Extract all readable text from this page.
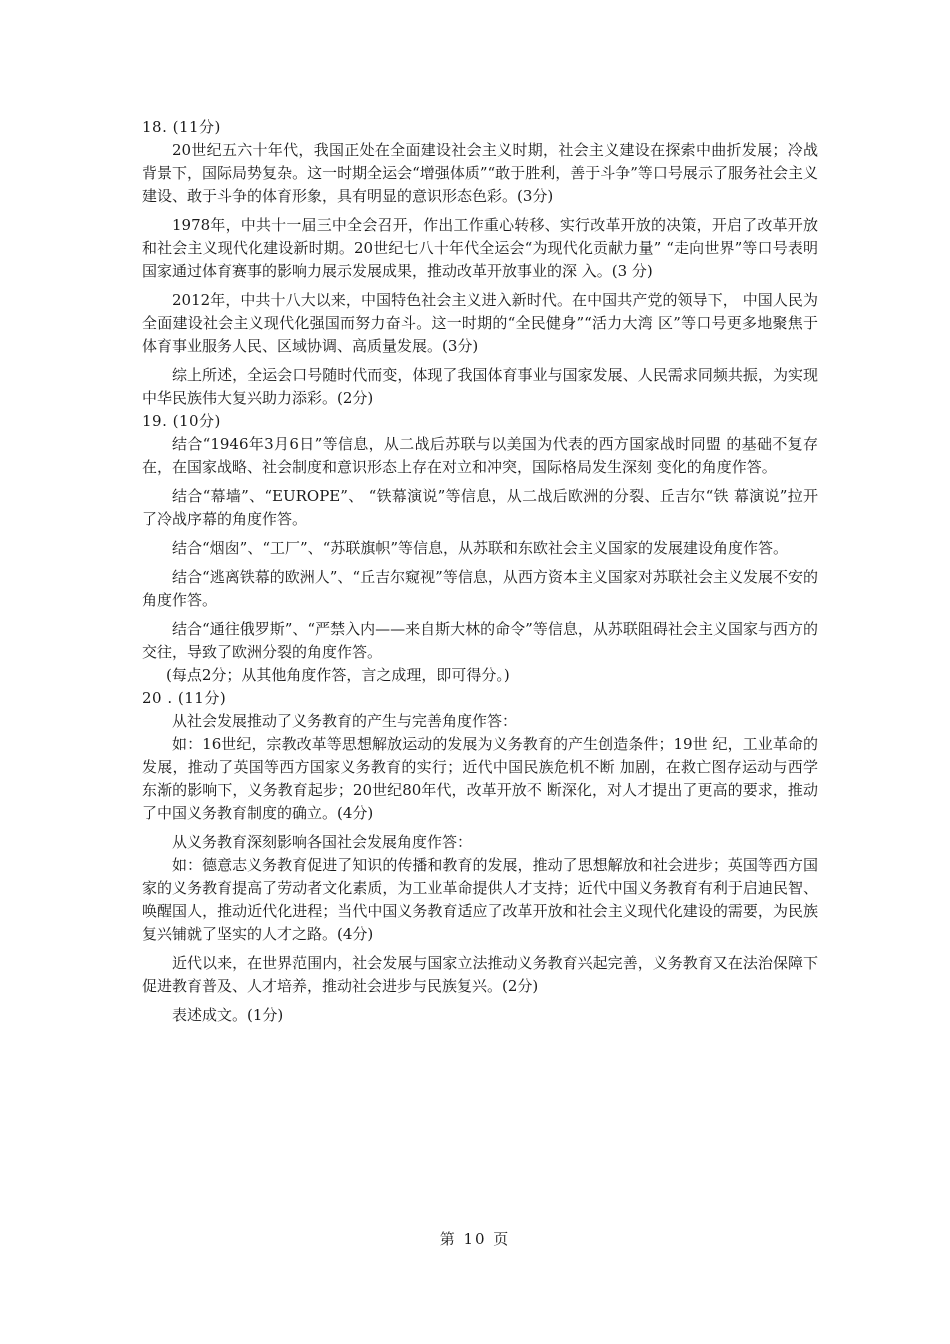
18. (11分)

20世纪五六十年代，我国正处在全面建设社会主义时期，社会主义建设在探索中曲折发展；冷战背景下，国际局势复杂。这一时期全运会“增强体质”“敢于胜利，善于斗争”等口号展示了服务社会主义建设、敢于斗争的体育形象，具有明显的意识形态色彩。(3分)

1978年，中共十一届三中全会召开，作出工作重心转移、实行改革开放的决策，开启了改革开放和社会主义现代化建设新时期。20世纪七八十年代全运会“为现代化贡献力量” “走向世界”等口号表明国家通过体育赛事的影响力展示发展成果，推动改革开放事业的深 入。(3 分)

2012年，中共十八大以来，中国特色社会主义进入新时代。在中国共产党的领导下， 中国人民为全面建设社会主义现代化强国而努力奋斗。这一时期的“全民健身”“活力大湾 区”等口号更多地聚焦于体育事业服务人民、区域协调、高质量发展。(3分)

综上所述，全运会口号随时代而变，体现了我国体育事业与国家发展、人民需求同频共振，为实现中华民族伟大复兴助力添彩。(2分)

19. (10分)

结合“1946年3月6日”等信息，从二战后苏联与以美国为代表的西方国家战时同盟 的基础不复存在，在国家战略、社会制度和意识形态上存在对立和冲突，国际格局发生深刻 变化的角度作答。

结合“幕墙”、“EUROPE”、 “铁幕演说”等信息，从二战后欧洲的分裂、丘吉尔“铁 幕演说”拉开了冷战序幕的角度作答。

结合“烟囱”、“工厂”、“苏联旗帜”等信息，从苏联和东欧社会主义国家的发展建设角度作答。

结合“逃离铁幕的欧洲人”、“丘吉尔窥视”等信息，从西方资本主义国家对苏联社会主义发展不安的角度作答。

结合“通往俄罗斯”、“严禁入内——来自斯大林的命令”等信息，从苏联阻碍社会主义国家与西方的交往，导致了欧洲分裂的角度作答。

(每点2分；从其他角度作答，言之成理，即可得分。)

20 . (11分)

从社会发展推动了义务教育的产生与完善角度作答：

如：16世纪，宗教改革等思想解放运动的发展为义务教育的产生创造条件；19世 纪，工业革命的发展，推动了英国等西方国家义务教育的实行；近代中国民族危机不断 加剧，在救亡图存运动与西学东渐的影响下，义务教育起步；20世纪80年代，改革开放不 断深化，对人才提出了更高的要求，推动了中国义务教育制度的确立。(4分)

从义务教育深刻影响各国社会发展角度作答：

如：德意志义务教育促进了知识的传播和教育的发展，推动了思想解放和社会进步；英国等西方国家的义务教育提高了劳动者文化素质，为工业革命提供人才支持；近代中国义务教育有利于启迪民智、唤醒国人，推动近代化进程；当代中国义务教育适应了改革开放和社会主义现代化建设的需要，为民族复兴铺就了坚实的人才之路。(4分)

近代以来，在世界范围内，社会发展与国家立法推动义务教育兴起完善，义务教育又在法治保障下促进教育普及、人才培养，推动社会进步与民族复兴。(2分)

表述成文。(1分)

第 10 页
